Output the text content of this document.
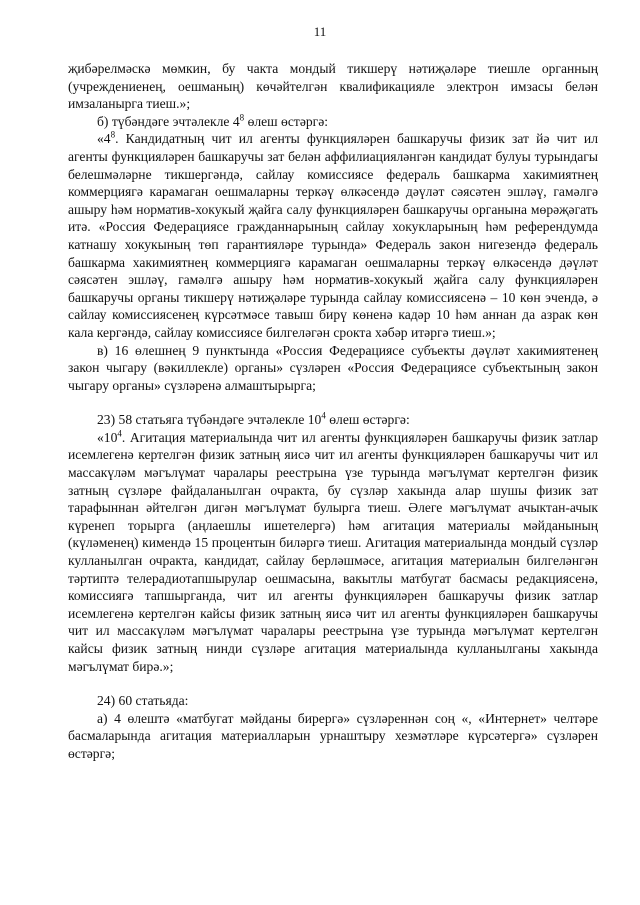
11

җибәрелмәскә мөмкин, бу чакта мондый тикшерү нәтиҗәләре тиешле органның (учреждениенең, оешманың) көчәйтелгән квалификацияле электрон имзасы белән имзаланырга тиеш.»;

б) түбәндәге эчтәлекле $4^8$ өлеш өстәргә:

«$4^8$. Кандидатның чит ил агенты функцияләрен башкаручы физик зат йә чит ил агенты функцияләрен башкаручы зат белән аффилиацияләнгән кандидат булуы турындагы белешмәләрне тикшергәндә, сайлау комиссиясе федераль башкарма хакимиятнең коммерциягә карамаган оешмаларны теркәү өлкәсендә дәүләт сәясәтен эшләү, гамәлгә ашыру һәм норматив-хокукый җайга салу функцияләрен башкаручы органына мөрәҗәгать итә. «Россия Федерациясе гражданнарының сайлау хокукларының һәм референдумда катнашу хокукының төп гарантияләре турында» Федераль закон нигезендә федераль башкарма хакимиятнең коммерциягә карамаган оешмаларны теркәү өлкәсендә дәүләт сәясәтен эшләү, гамәлгә ашыру һәм норматив-хокукый җайга салу функцияләрен башкаручы органы тикшерү нәтиҗәләре турында сайлау комиссиясенә – 10 көн эчендә, ә сайлау комиссиясенең күрсәтмәсе тавыш бирү көненә кадәр 10 һәм аннан да азрак көн кала кергәндә, сайлау комиссиясе билгеләгән срокта хәбәр итәргә тиеш.»;

в) 16 өлешнең 9 пунктында «Россия Федерациясе субъекты дәүләт хакимиятенең закон чыгару (вәкиллекле) органы» сүзләрен «Россия Федерациясе субъектының закон чыгару органы» сүзләренә алмаштырырга;

23) 58 статьяга түбәндәге эчтәлекле $10^4$ өлеш өстәргә:

«$10^4$. Агитация материалында чит ил агенты функцияләрен башкаручы физик затлар исемлегенә кертелгән физик затның яисә чит ил агенты функцияләрен башкаручы чит ил массакүләм мәгълүмат чаралары реестрына үзе турында мәгълүмат кертелгән физик затның сүзләре файдаланылган очракта, бу сүзләр хакында алар шушы физик зат тарафыннан әйтелгән дигән мәгълүмат булырга тиеш. Әлеге мәгълүмат ачыктан-ачык күренеп торырга (аңлаешлы ишетелергә) һәм агитация материалы мәйданының (күләменең) кимендә 15 процентын биләргә тиеш. Агитация материалында мондый сүзләр кулланылган очракта, кандидат, сайлау берләшмәсе, агитация материалын билгеләнгән тәртиптә телерадиотапшырулар оешмасына, вакытлы матбугат басмасы редакциясенә, комиссиягә тапшырганда, чит ил агенты функцияләрен башкаручы физик затлар исемлегенә кертелгән кайсы физик затның яисә чит ил агенты функцияләрен башкаручы чит ил массакүләм мәгълүмат чаралары реестрына үзе турында мәгълүмат кертелгән кайсы физик затның нинди сүзләре агитация материалында кулланылганы хакында мәгълүмат бирә.»;

24) 60 статьяда:

а) 4 өлештә «матбугат мәйданы бирергә» сүзләреннән соң «, «Интернет» челтәре басмаларында агитация материалларын урнаштыру хезмәтләре күрсәтергә» сүзләрен өстәргә;
